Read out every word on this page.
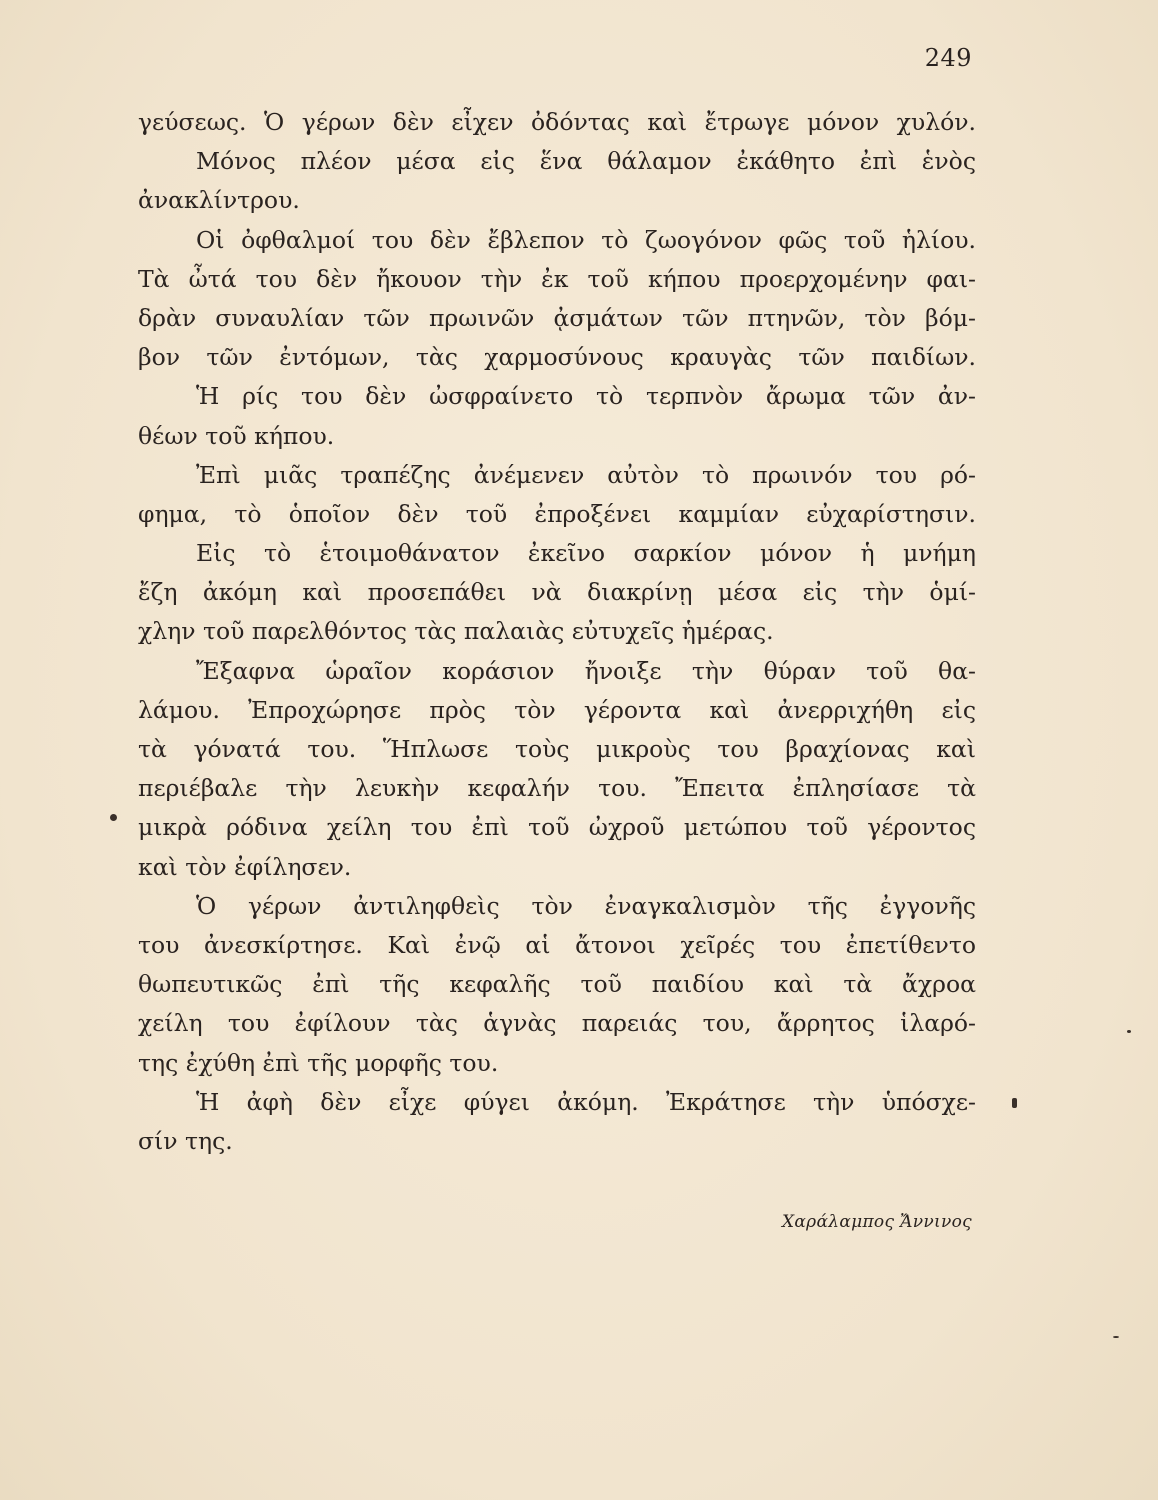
249
γεύσεως. Ὁ γέρων δὲν εἶχεν ὀδόντας καὶ ἔτρωγε μόνον χυλόν.
Μόνος πλέον μέσα εἰς ἕνα θάλαμον ἐκάθητο ἐπὶ ἑνὸς
ἀνακλίντρου.
Οἱ ὀφθαλμοί του δὲν ἔβλεπον τὸ ζωογόνον φῶς τοῦ ἡλίου.
Τὰ ὦτά του δὲν ἤκουον τὴν ἐκ τοῦ κήπου προερχομένην φαι-
δρὰν συναυλίαν τῶν πρωινῶν ᾀσμάτων τῶν πτηνῶν, τὸν βόμ-
βον τῶν ἐντόμων, τὰς χαρμοσύνους κραυγὰς τῶν παιδίων.
Ἡ ρίς του δὲν ὠσφραίνετο τὸ τερπνὸν ἄρωμα τῶν ἀν-
θέων τοῦ κήπου.
Ἐπὶ μιᾶς τραπέζης ἀνέμενεν αὐτὸν τὸ πρωινόν του ρό-
φημα, τὸ ὁποῖον δὲν τοῦ ἐπροξένει καμμίαν εὐχαρίστησιν.
Εἰς τὸ ἑτοιμοθάνατον ἐκεῖνο σαρκίον μόνον ἡ μνήμη
ἔζη ἀκόμη καὶ προσεπάθει νὰ διακρίνῃ μέσα εἰς τὴν ὁμί-
χλην τοῦ παρελθόντος τὰς παλαιὰς εὐτυχεῖς ἡμέρας.
Ἔξαφνα ὡραῖον κοράσιον ἤνοιξε τὴν θύραν τοῦ θα-
λάμου. Ἐπροχώρησε πρὸς τὸν γέροντα καὶ ἀνερριχήθη εἰς
τὰ γόνατά του. Ἥπλωσε τοὺς μικροὺς του βραχίονας καὶ
περιέβαλε τὴν λευκὴν κεφαλήν του. Ἔπειτα ἐπλησίασε τὰ
μικρὰ ρόδινα χείλη του ἐπὶ τοῦ ὠχροῦ μετώπου τοῦ γέροντος
καὶ τὸν ἐφίλησεν.
Ὁ γέρων ἀντιληφθεὶς τὸν ἐναγκαλισμὸν τῆς ἐγγονῆς
του ἀνεσκίρτησε. Καὶ ἐνῷ αἱ ἄτονοι χεῖρές του ἐπετίθεντο
θωπευτικῶς ἐπὶ τῆς κεφαλῆς τοῦ παιδίου καὶ τὰ ἄχροα
χείλη του ἐφίλουν τὰς ἁγνὰς παρειάς του, ἄρρητος ἱλαρό-
της ἐχύθη ἐπὶ τῆς μορφῆς του.
Ἡ ἀφὴ δὲν εἶχε φύγει ἀκόμη. Ἐκράτησε τὴν ὑπόσχε-
σίν της.
Χαράλαμπος Ἄννινος
